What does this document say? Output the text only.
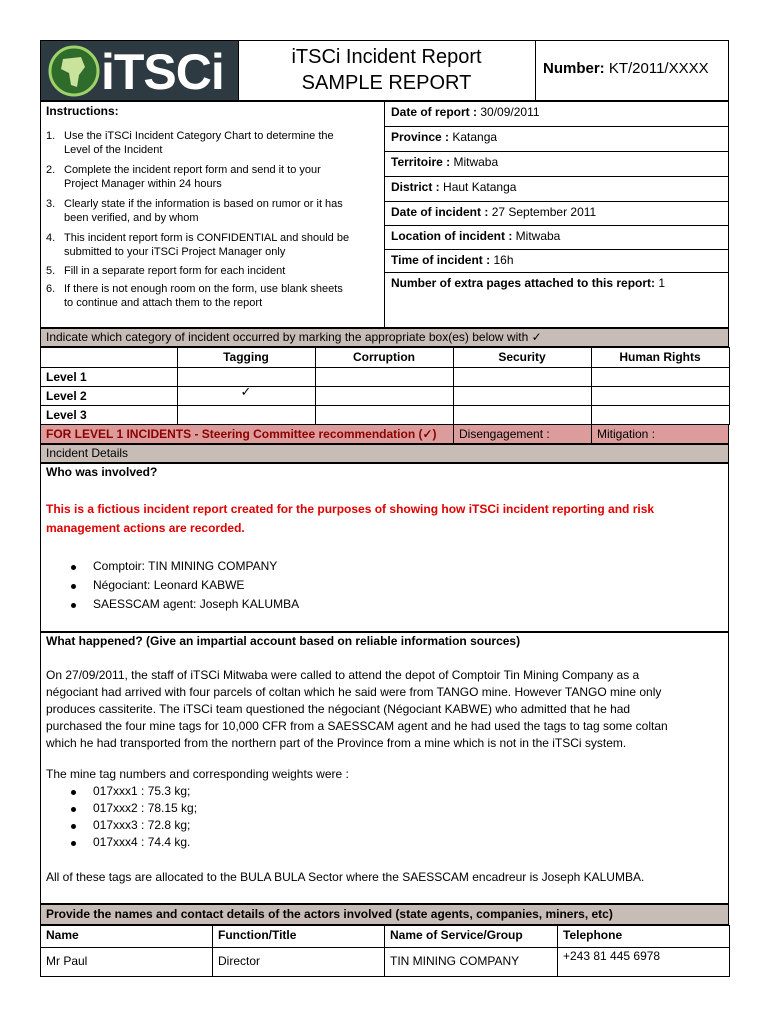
iTSCi	iTSCi Incident Report
SAMPLE REPORT
Number: KT/2011/XXXX
Instructions:
1. Use the iTSCi Incident Category Chart to determine the
Level of the Incident
2. Complete the incident report form and send it to your
Project Manager within 24 hours
3. Clearly state if the information is based on rumor or it has
been verified, and by whom
4. This incident report form is CONFIDENTIAL and should be
submitted to your iTSCi Project Manager only
5. Fill in a separate report form for each incident
6. If there is not enough room on the form, use blank sheets
to continue and attach them to the report
Indicate which category of incident occurred by marking the appropriate box(es) below with ✓
FOR LEVEL 1 INCIDENTS - Steering Committee recommendation (✓) Disengagement :	Mitigation :
Incident Details
Who was involved?
This is a fictious incident report created for the purposes of showing how iTSCi incident reporting and risk
management actions are recorded.
What happened? (Give an impartial account based on reliable information sources)
The mine tag numbers and corresponding weights were :
All of these tags are allocated to the BULA BULA Sector where the SAESSCAM encadreur is Joseph KALUMBA.
Provide the names and contact details of the actors involved (state agents, companies, miners, etc)
Date of report : 30/09/2011
Province : Katanga
Territoire : Mitwaba
District : Haut Katanga
Date of incident : 27 September 2011
Location of incident : Mitwaba
Time of incident : 16h
Number of extra pages attached to this report: 1
Tagging	Corruption	Security	Human Rights
Level 1
Level 2	✓
Level 3
Comptoir: TIN MINING COMPANY
Négociant: Leonard KABWE
SAESSCAM agent: Joseph KALUMBA
On 27/09/2011, the staff of iTSCi Mitwaba were called to attend the depot of Comptoir Tin Mining Company as a
négociant had arrived with four parcels of coltan which he said were from TANGO mine. However TANGO mine only
produces cassiterite. The iTSCi team questioned the négociant (Négociant KABWE) who admitted that he had
purchased the four mine tags for 10,000 CFR from a SAESSCAM agent and he had used the tags to tag some coltan
which he had transported from the northern part of the Province from a mine which is not in the iTSCi system.
017xxx1 : 75.3 kg;
017xxx2 : 78.15 kg;
017xxx3 : 72.8 kg;
017xxx4 : 74.4 kg.
Name	Function/Title	Name of Service/Group	Telephone
Mr Paul	Director	TIN MINING COMPANY	+243 81 445 6978
